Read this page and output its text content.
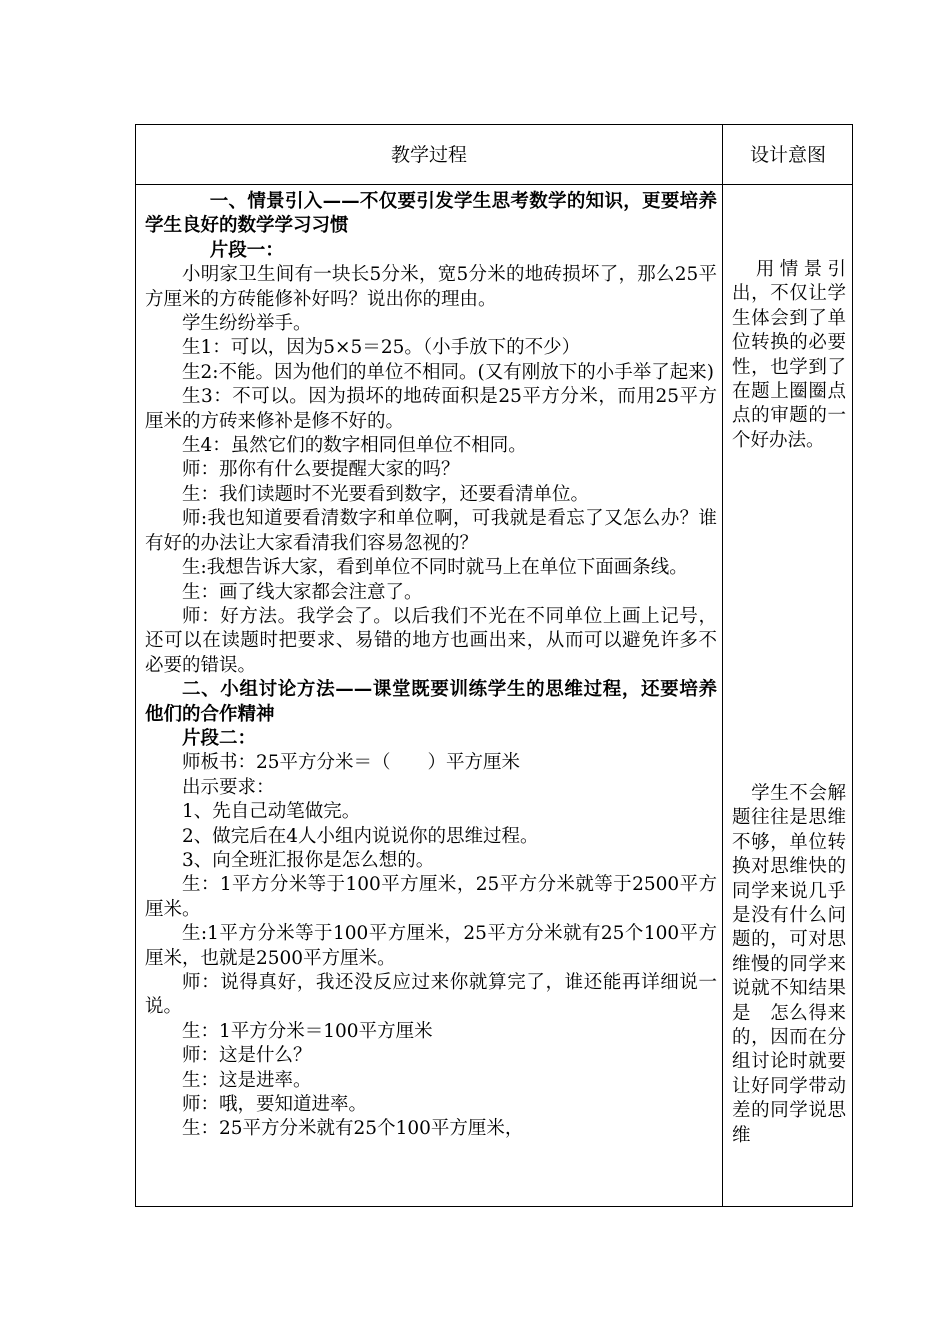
教学过程	设计意图

一、情景引入——不仅要引发学生思考数学的知识，更要培养学生良好的数学学习习惯

片段一：

小明家卫生间有一块长5分米，宽5分米的地砖损坏了，那么25平方厘米的方砖能修补好吗？说出你的理由。

学生纷纷举手。

生1：可以，因为5×5＝25。（小手放下的不少）

生2:不能。因为他们的单位不相同。(又有刚放下的小手举了起来)

生3：不可以。因为损坏的地砖面积是25平方分米，而用25平方厘米的方砖来修补是修不好的。

生4：虽然它们的数字相同但单位不相同。

师：那你有什么要提醒大家的吗？

生：我们读题时不光要看到数字，还要看清单位。

师:我也知道要看清数字和单位啊，可我就是看忘了又怎么办？谁有好的办法让大家看清我们容易忽视的？

生:我想告诉大家，看到单位不同时就马上在单位下面画条线。

生：画了线大家都会注意了。

师：好方法。我学会了。以后我们不光在不同单位上画上记号，还可以在读题时把要求、易错的地方也画出来，从而可以避免许多不必要的错误。

二、小组讨论方法——课堂既要训练学生的思维过程，还要培养他们的合作精神

片段二：

师板书：25平方分米＝（　　）平方厘米

出示要求：

1、先自己动笔做完。

2、做完后在4人小组内说说你的思维过程。

3、向全班汇报你是怎么想的。

生：1平方分米等于100平方厘米，25平方分米就等于2500平方厘米。

生:1平方分米等于100平方厘米，25平方分米就有25个100平方厘米，也就是2500平方厘米。

师：说得真好，我还没反应过来你就算完了，谁还能再详细说一说。

生：1平方分米＝100平方厘米

师：这是什么？

生：这是进率。

师：哦，要知道进率。

生：25平方分米就有25个100平方厘米，

　用情景引出，不仅让学生体会到了单位转换的必要性，也学到了在题上圈圈点点的审题的一个好办法。

　学生不会解题往往是思维不够，单位转换对思维快的同学来说几乎是没有什么问题的，可对思维慢的同学来说就不知结果是　怎么得来的，因而在分组讨论时就要让好同学带动差的同学说思维
